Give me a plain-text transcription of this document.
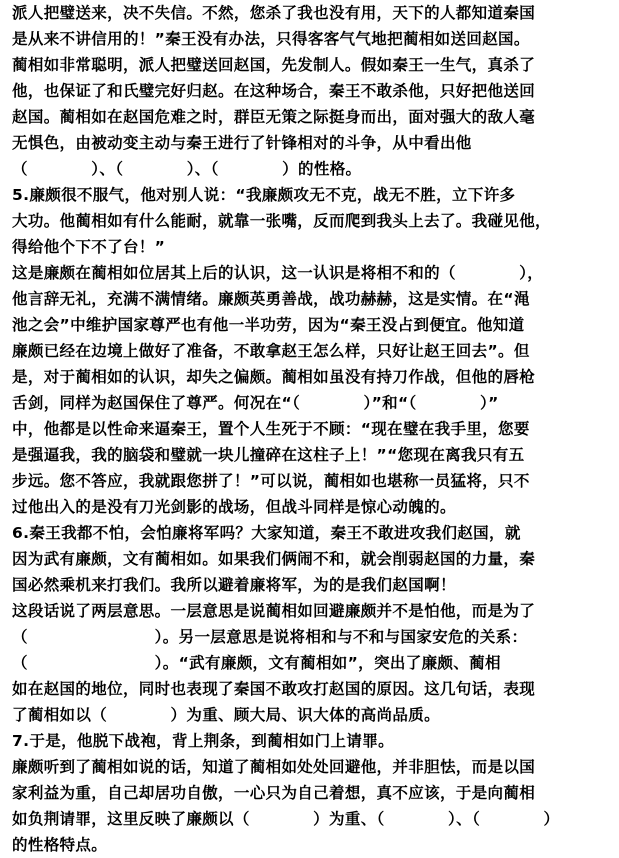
派人把璧送来，决不失信。不然，您杀了我也没有用，天下的人都知道秦国
是从来不讲信用的！”秦王没有办法，只得客客气气地把蔺相如送回赵国。
蔺相如非常聪明，派人把璧送回赵国，先发制人。假如秦王一生气，真杀了
他，也保证了和氏璧完好归赵。在这种场合，秦王不敢杀他，只好把他送回
赵国。蔺相如在赵国危难之时，群臣无策之际挺身而出，面对强大的敌人毫
无惧色，由被动变主动与秦王进行了针锋相对的斗争，从中看出他
（　　　　）、（　　　　）、（　　　　）的性格。
5.廉颇很不服气，他对别人说：“我廉颇攻无不克，战无不胜，立下许多
大功。他蔺相如有什么能耐，就靠一张嘴，反而爬到我头上去了。我碰见他，
得给他个下不了台！”
这是廉颇在蔺相如位居其上后的认识，这一认识是将相不和的（　　　　），
他言辞无礼，充满不满情绪。廉颇英勇善战，战功赫赫，这是实情。在“渑
池之会”中维护国家尊严也有他一半功劳，因为“秦王没占到便宜。他知道
廉颇已经在边境上做好了准备，不敢拿赵王怎么样，只好让赵王回去”。但
是，对于蔺相如的认识，却失之偏颇。蔺相如虽没有持刀作战，但他的唇枪
舌剑，同样为赵国保住了尊严。何况在“（　　　　）”和“（　　　　）”
中，他都是以性命来逼秦王，置个人生死于不顾：“现在璧在我手里，您要
是强逼我，我的脑袋和璧就一块儿撞碎在这柱子上！”“您现在离我只有五
步远。您不答应，我就跟您拼了！”可以说，蔺相如也堪称一员猛将，只不
过他出入的是没有刀光剑影的战场，但战斗同样是惊心动魄的。
6.秦王我都不怕，会怕廉将军吗？大家知道，秦王不敢进攻我们赵国，就
因为武有廉颇，文有蔺相如。如果我们俩闹不和，就会削弱赵国的力量，秦
国必然乘机来打我们。我所以避着廉将军，为的是我们赵国啊！
这段话说了两层意思。一层意思是说蔺相如回避廉颇并不是怕他，而是为了
（　　　　　　　　）。另一层意思是说将相和与不和与国家安危的关系：
（　　　　　　　　）。“武有廉颇，文有蔺相如”，突出了廉颇、蔺相
如在赵国的地位，同时也表现了秦国不敢攻打赵国的原因。这几句话，表现
了蔺相如以（　　　　）为重、顾大局、识大体的高尚品质。
7.于是，他脱下战袍，背上荆条，到蔺相如门上请罪。
廉颇听到了蔺相如说的话，知道了蔺相如处处回避他，并非胆怯，而是以国
家利益为重，自己却居功自傲，一心只为自己着想，真不应该，于是向蔺相
如负荆请罪，这里反映了廉颇以（　　　　）为重、（　　　　）、（　　　　）
的性格特点。
